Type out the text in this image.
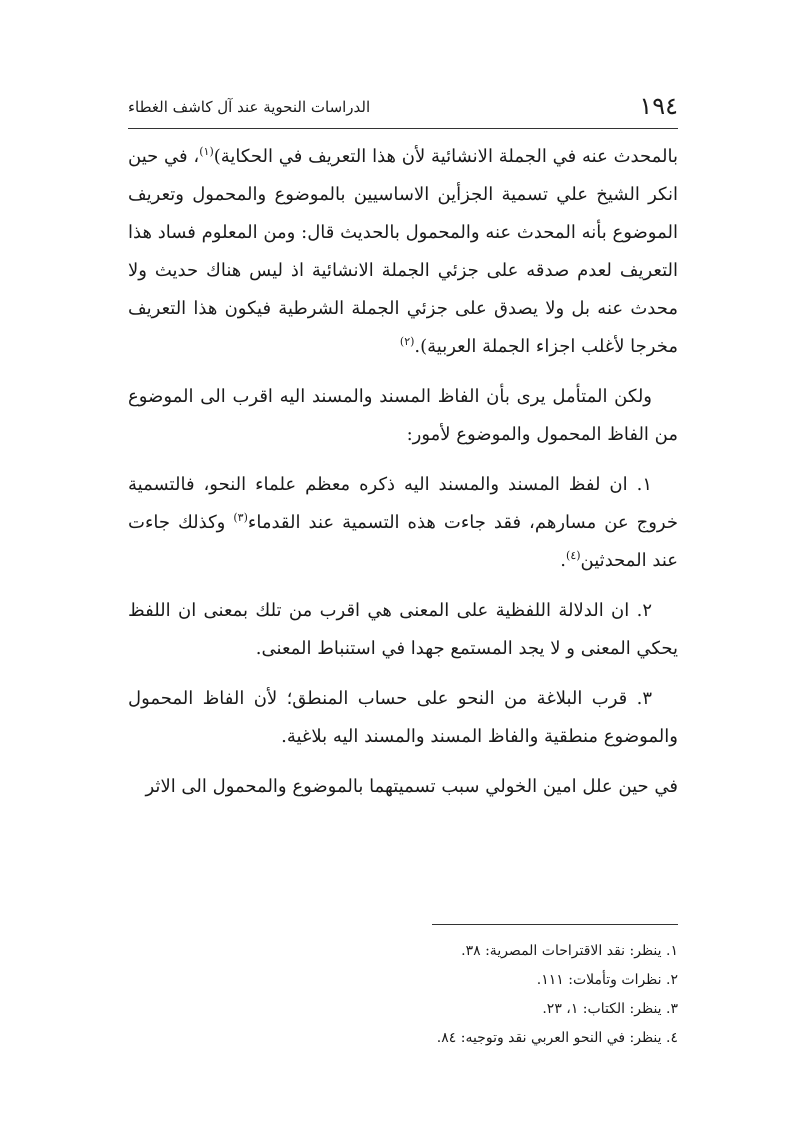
١٩٤
الدراسات النحوية عند آل كاشف الغطاء

بالمحدث عنه في الجملة الانشائية لأن هذا التعريف في الحكاية)$^{(١)}$، في حين انكر الشيخ علي تسمية الجزأين الاساسيين بالموضوع والمحمول وتعريف الموضوع بأنه المحدث عنه والمحمول بالحديث قال: ومن المعلوم فساد هذا التعريف لعدم صدقه على جزئي الجملة الانشائية اذ ليس هناك حديث ولا محدث عنه بل ولا يصدق على جزئي الجملة الشرطية فيكون هذا التعريف مخرجا لأغلب اجزاء الجملة العربية).$^{(٢)}$

ولكن المتأمل يرى بأن الفاظ المسند والمسند اليه اقرب الى الموضوع من الفاظ المحمول والموضوع لأمور:

١. ان لفظ المسند والمسند اليه ذكره معظم علماء النحو، فالتسمية خروج عن مسارهم، فقد جاءت هذه التسمية عند القدماء$^{(٣)}$ وكذلك جاءت عند المحدثين$^{(٤)}$.

٢. ان الدلالة اللفظية على المعنى هي اقرب من تلك بمعنى ان اللفظ يحكي المعنى و لا يجد المستمع جهدا في استنباط المعنى.

٣. قرب البلاغة من النحو على حساب المنطق؛ لأن الفاظ المحمول والموضوع منطقية والفاظ المسند والمسند اليه بلاغية.

في حين علل امين الخولي سبب تسميتهما بالموضوع والمحمول الى الاثر

١. ينظر: نقد الاقتراحات المصرية: ٣٨.

٢. نظرات وتأملات: ١١١.

٣. ينظر: الكتاب: ١، ٢٣.

٤. ينظر: في النحو العربي نقد وتوجيه: ٨٤.
